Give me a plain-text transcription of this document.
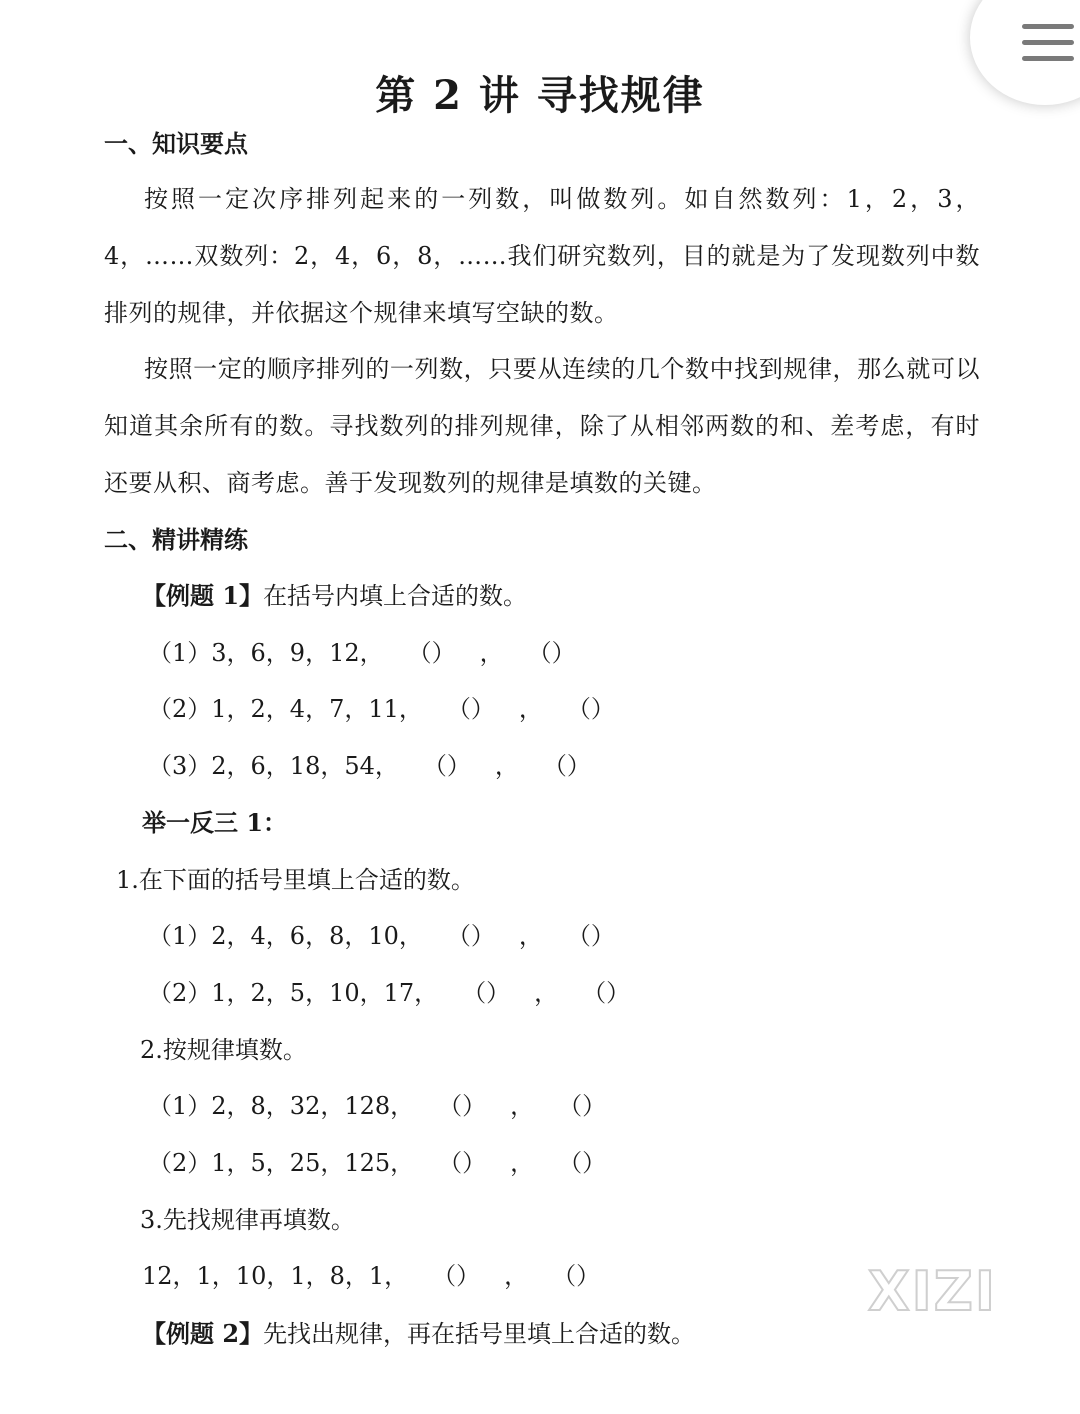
第 2 讲 寻找规律
一、知识要点

按照一定次序排列起来的一列数，叫做数列。如自然数列：1，2，3，4，……双数列：2，4，6，8，……我们研究数列，目的就是为了发现数列中数排列的规律，并依据这个规律来填写空缺的数。

按照一定的顺序排列的一列数，只要从连续的几个数中找到规律，那么就可以知道其余所有的数。寻找数列的排列规律，除了从相邻两数的和、差考虑，有时还要从积、商考虑。善于发现数列的规律是填数的关键。

二、精讲精练
【例题 1】在括号内填上合适的数。
（1）3，6，9，12， （ ）	，（ ）
（2）1，2，4，7，11， （ ）	，（ ）
（3）2，6，18，54， （ ）	，（ ）
举一反三 1：
1.在下面的括号里填上合适的数。
（1）2，4，6，8，10， （ ）	，（ ）
（2）1，2，5，10，17， （ ）	，（ ）
2.按规律填数。
（1）2，8，32，128， （ ）	，（ ）
（2）1，5，25，125， （ ）	，（ ）
3.先找规律再填数。
12，1，10，1，8，1， （ ）	，（ ）
【例题 2】先找出规律，再在括号里填上合适的数。
XIZI
